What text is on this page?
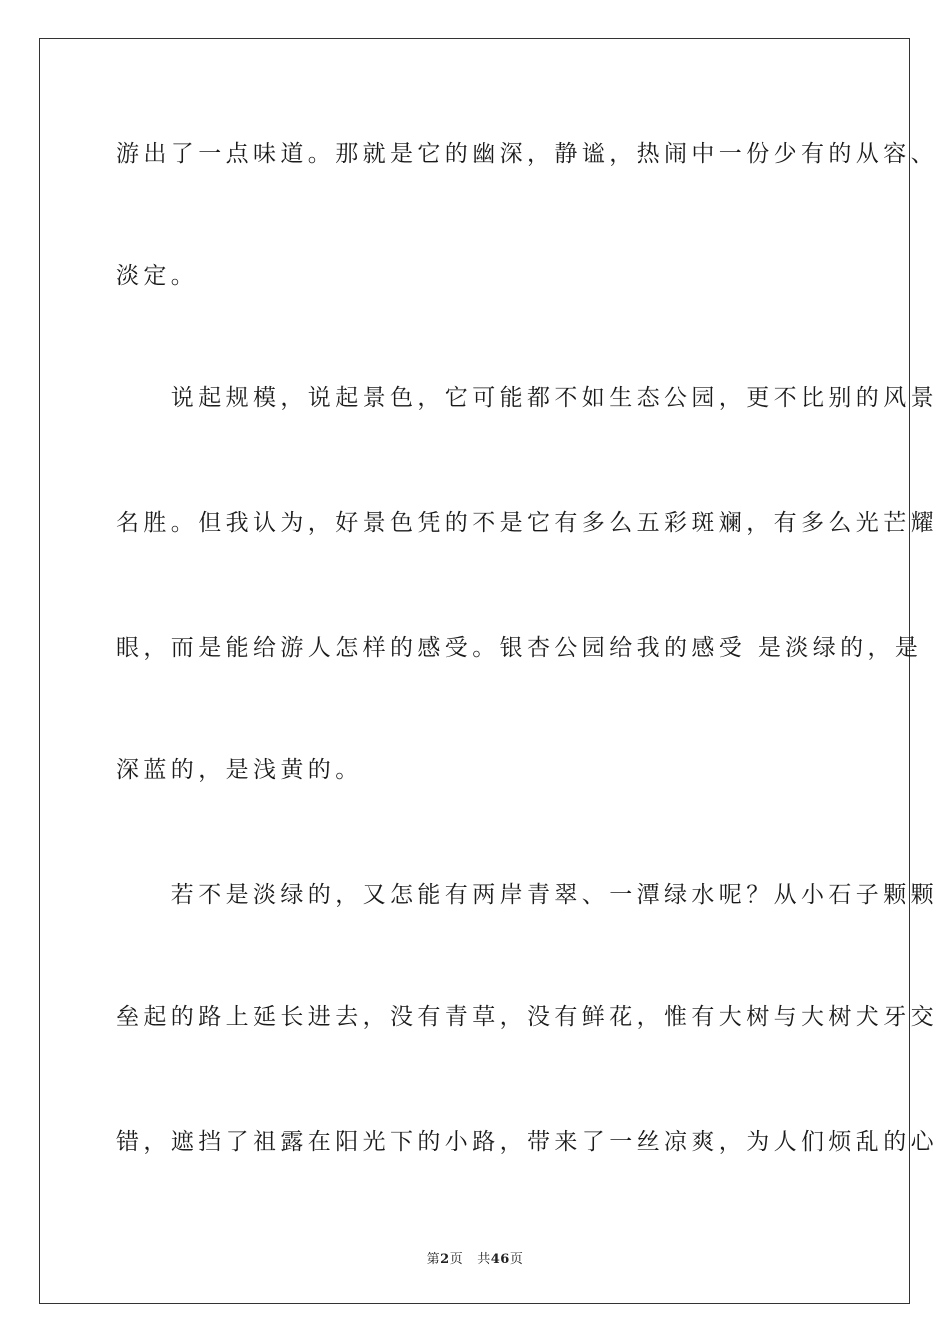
游出了一点味道。那就是它的幽深，静谧，热闹中一份少有的从容、
淡定。
　　说起规模，说起景色，它可能都不如生态公园，更不比别的风景
名胜。但我认为，好景色凭的不是它有多么五彩斑斓，有多么光芒耀
眼，而是能给游人怎样的感受。银杏公园给我的感受 是淡绿的，是
深蓝的，是浅黄的。
　　若不是淡绿的，又怎能有两岸青翠、一潭绿水呢？从小石子颗颗
垒起的路上延长进去，没有青草，没有鲜花，惟有大树与大树犬牙交
错，遮挡了祖露在阳光下的小路，带来了一丝凉爽，为人们烦乱的心
第2页 共46页
